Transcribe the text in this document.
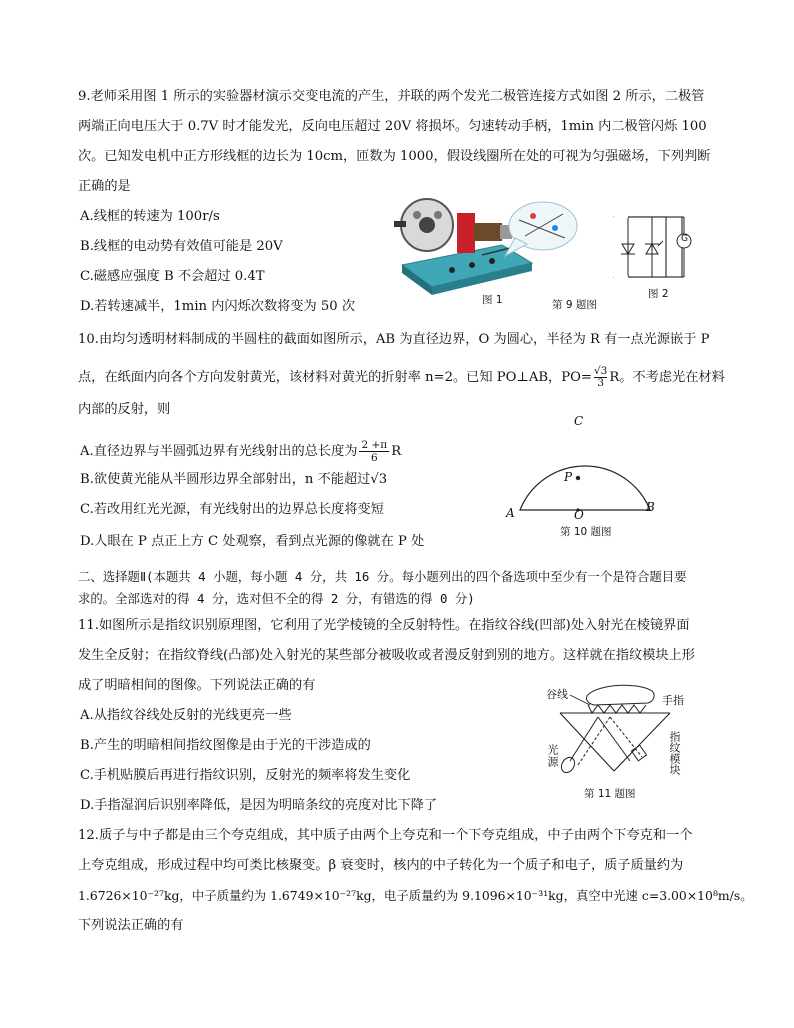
9.老师采用图 1 所示的实验器材演示交变电流的产生，并联的两个发光二极管连接方式如图 2 所示，二极管
两端正向电压大于 0.7V 时才能发光，反向电压超过 20V 将损坏。匀速转动手柄，1min 内二极管闪烁 100
次。已知发电机中正方形线框的边长为 10cm，匝数为 1000，假设线圈所在处的可视为匀强磁场，下列判断
正确的是
A.线框的转速为 100r/s
B.线框的电动势有效值可能是 20V
C.磁感应强度 B 不会超过 0.4T
D.若转速减半，1min 内闪烁次数将变为 50 次	图 1	第 9 题图
G
图 2
10.由均匀透明材料制成的半圆柱的截面如图所示，AB 为直径边界，O 为圆心，半径为 R 有一点光源嵌于 P
点，在纸面内向各个方向发射黄光，该材料对黄光的折射率 n=2。已知 PO⊥AB，$PO= \frac{√3}{3}$ R。不考虑光在材料
内部的反射，则
A.直径边界与半圆弧边界有光线射出的总长度为 $\frac{2 +\pi}{6}$ R
B.欲使黄光能从半圆形边界全部射出，n 不能超过√3
C.若改用红光光源，有光线射出的边界总长度将变短
D.人眼在 P 点正上方 C 处观察，看到点光源的像就在 P 处
C
P
A	O
B
第 10 题图
二、选择题Ⅱ(本题共 4 小题，每小题 4 分，共 16 分。每小题列出的四个备选项中至少有一个是符合题目要
求的。全部选对的得 4 分，选对但不全的得 2 分，有错选的得 0 分)
11.如图所示是指纹识别原理图，它利用了光学棱镜的全反射特性。在指纹谷线(凹部)处入射光在棱镜界面
发生全反射；在指纹脊线(凸部)处入射光的某些部分被吸收或者漫反射到别的地方。这样就在指纹模块上形
成了明暗相间的图像。下列说法正确的有
A.从指纹谷线处反射的光线更亮一些
B.产生的明暗相间指纹图像是由于光的干涉造成的
C.手机贴膜后再进行指纹识别，反射光的频率将发生变化
D.手指湿润后识别率降低，是因为明暗条纹的亮度对比下降了
谷线	手指
光源	指纹模块
第 11 题图
12.质子与中子都是由三个夸克组成，其中质子由两个上夸克和一个下夸克组成，中子由两个下夸克和一个
上夸克组成，形成过程中均可类比核聚变。β 衰变时，核内的中子转化为一个质子和电子，质子质量约为
1.6726×10⁻²⁷kg，中子质量约为 1.6749×10⁻²⁷kg，电子质量约为 9.1096×10⁻³¹kg，真空中光速 c=3.00×10⁸m/s。
下列说法正确的有
